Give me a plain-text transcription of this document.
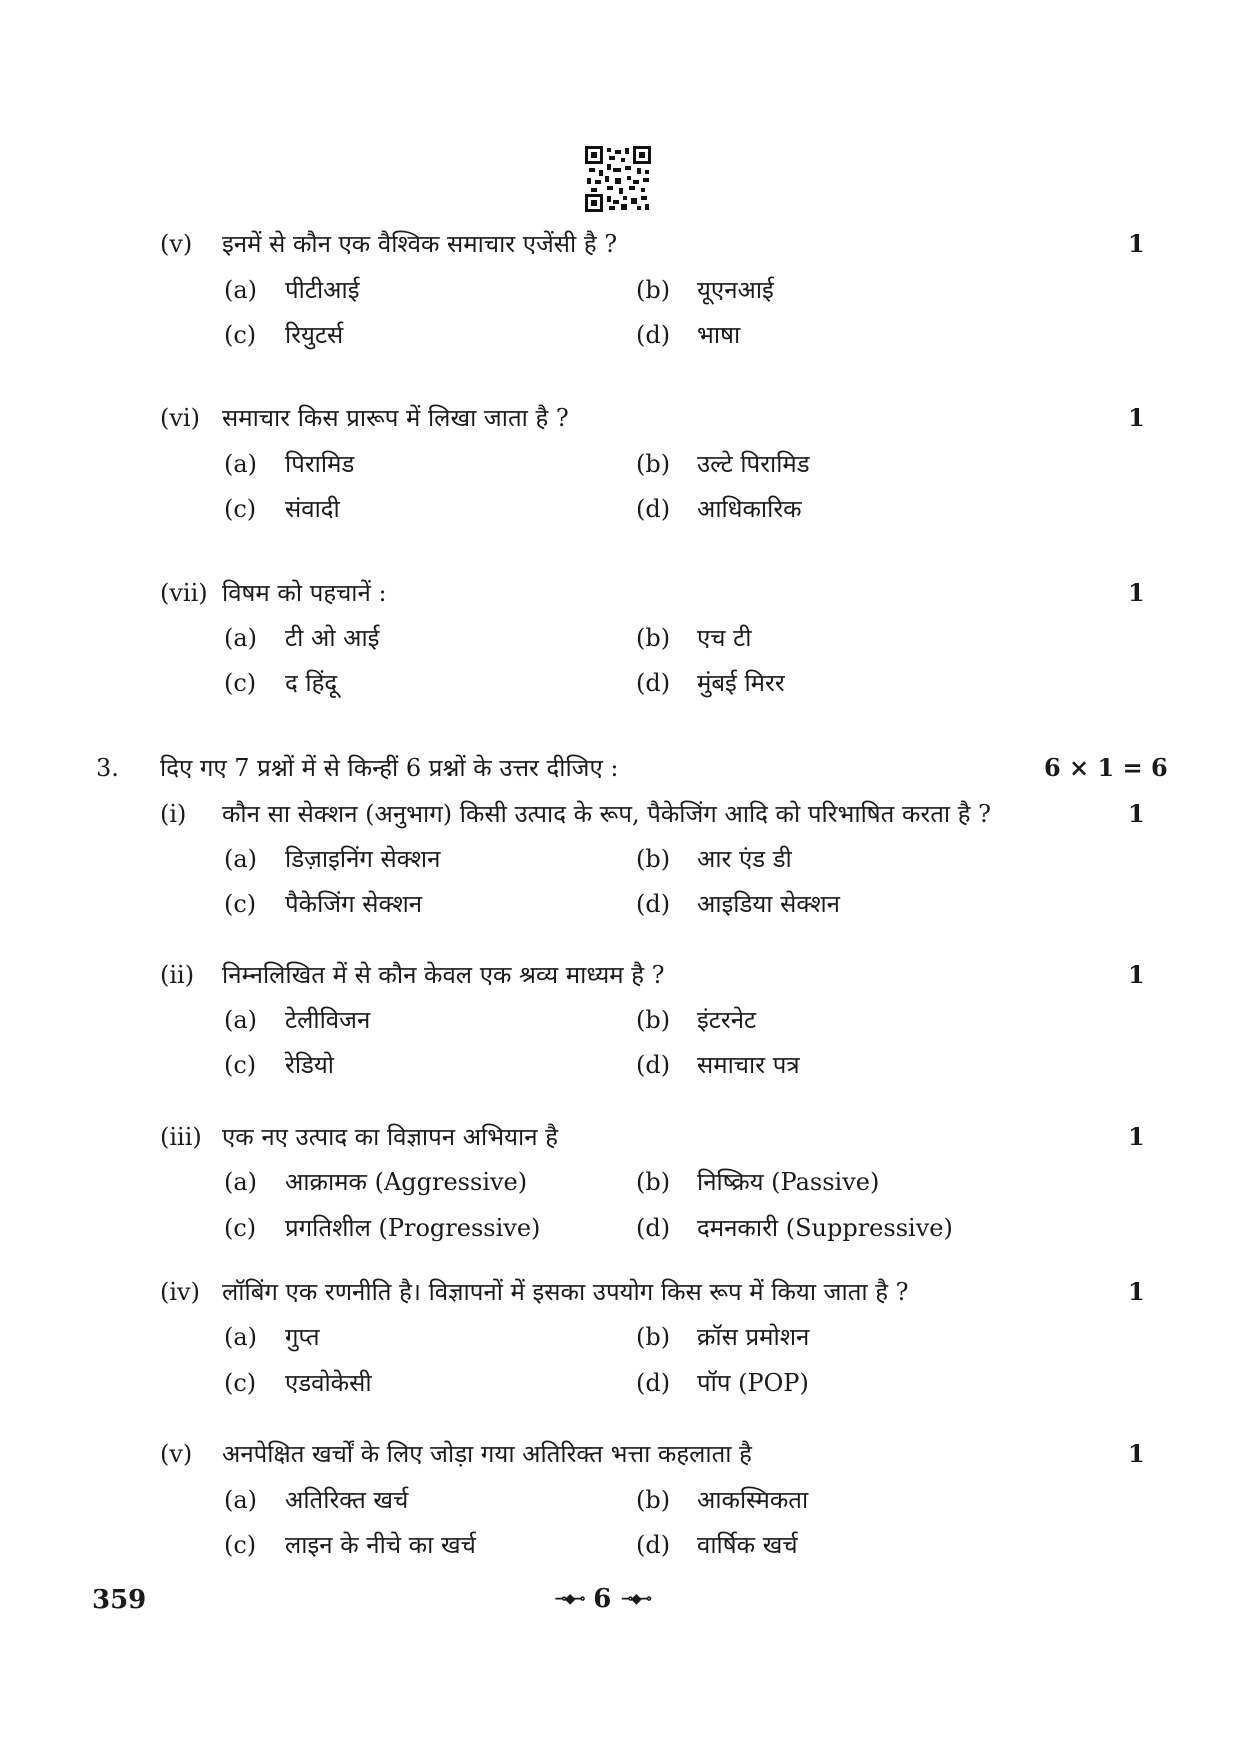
(v) इनमें से कौन एक वैश्विक समाचार एजेंसी है ?	1
(a) पीटीआई	(b) यूएनआई
(c) रियुटर्स	(d) भाषा
(vi) समाचार किस प्रारूप में लिखा जाता है ?	1
(a) पिरामिड	(b) उल्टे पिरामिड
(c) संवादी	(d) आधिकारिक
(vii) विषम को पहचानें :	1
(a) टी ओ आई	(b) एच टी
(c) द हिंदू	(d) मुंबई मिरर
3. दिए गए 7 प्रश्नों में से किन्हीं 6 प्रश्नों के उत्तर दीजिए :	6 × 1 = 6
(i) कौन सा सेक्शन (अनुभाग) किसी उत्पाद के रूप, पैकेजिंग आदि को परिभाषित करता है ?	1
(a) डिज़ाइनिंग सेक्शन	(b) आर एंड डी
(c) पैकेजिंग सेक्शन	(d) आइडिया सेक्शन
(ii) निम्नलिखित में से कौन केवल एक श्रव्य माध्यम है ?	1
(a) टेलीविजन	(b) इंटरनेट
(c) रेडियो	(d) समाचार पत्र
(iii) एक नए उत्पाद का विज्ञापन अभियान है	1
(a) आक्रामक (Aggressive)	(b) निष्क्रिय (Passive)
(c) प्रगतिशील (Progressive)	(d) दमनकारी (Suppressive)
(iv) लॉबिंग एक रणनीति है। विज्ञापनों में इसका उपयोग किस रूप में किया जाता है ?	1
(a) गुप्त	(b) क्रॉस प्रमोशन
(c) एडवोकेसी	(d) पॉप (POP)
(v) अनपेक्षित खर्चों के लिए जोड़ा गया अतिरिक्त भत्ता कहलाता है	1
(a) अतिरिक्त खर्च	(b) आकस्मिकता
(c) लाइन के नीचे का खर्च	(d) वार्षिक खर्च
359	⊸◆⊸ 6 ⊸◆⊸
